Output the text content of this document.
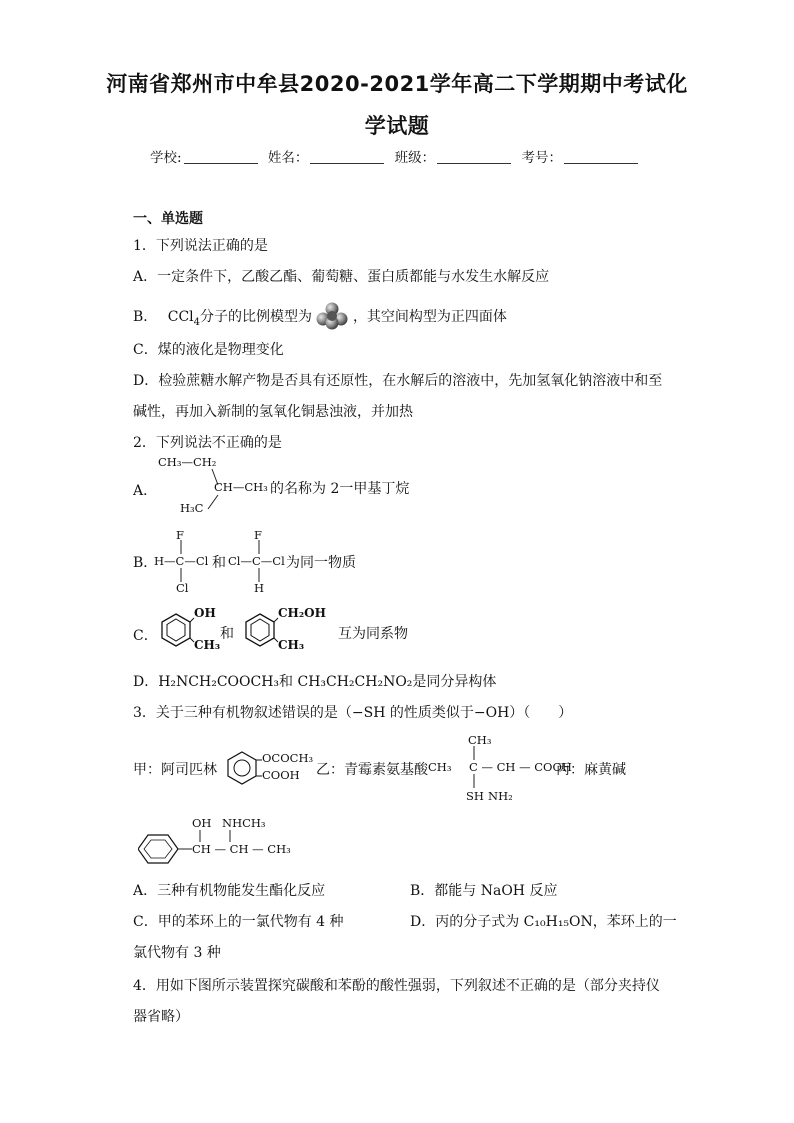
河南省郑州市中牟县2020-2021学年高二下学期期中考试化
学试题
学校:	姓名：	班级：	考号：
一、单选题
1．下列说法正确的是
A．一定条件下，乙酸乙酯、葡萄糖、蛋白质都能与水发生水解反应
B． CCl$_4$分子的比例模型为	，其空间构型为正四面体
C．煤的液化是物理变化
D．检验蔗糖水解产物是否具有还原性，在水解后的溶液中，先加氢氧化钠溶液中和至
碱性，再加入新制的氢氧化铜悬浊液，并加热
2．下列说法不正确的是
A．
CH₃—CH₂
CH—CH₃
H₃C
的名称为 2一甲基丁烷
B．
F
H—C—Cl
Cl
和
F
Cl—C—Cl
H
为同一物质
C．
OH
CH₃
和
CH₂OH
CH₃
互为同系物
D．H₂NCH₂COOCH₃和 CH₃CH₂CH₂NO₂是同分异构体
3．关于三种有机物叙述错误的是（−SH 的性质类似于−OH）（　　）
甲：阿司匹林
OCOCH₃
COOH 乙：青霉素氨基酸
CH₃
CH₃ C — CH — COOH
SH NH₂
丙：麻黄碱
OH NHCH₃
CH — CH — CH₃
A．三种有机物能发生酯化反应	B．都能与 NaOH 反应
C．甲的苯环上的一氯代物有 4 种	D．丙的分子式为 C₁₀H₁₅ON，苯环上的一
氯代物有 3 种
4．用如下图所示装置探究碳酸和苯酚的酸性强弱，下列叙述不正确的是（部分夹持仪
器省略）
